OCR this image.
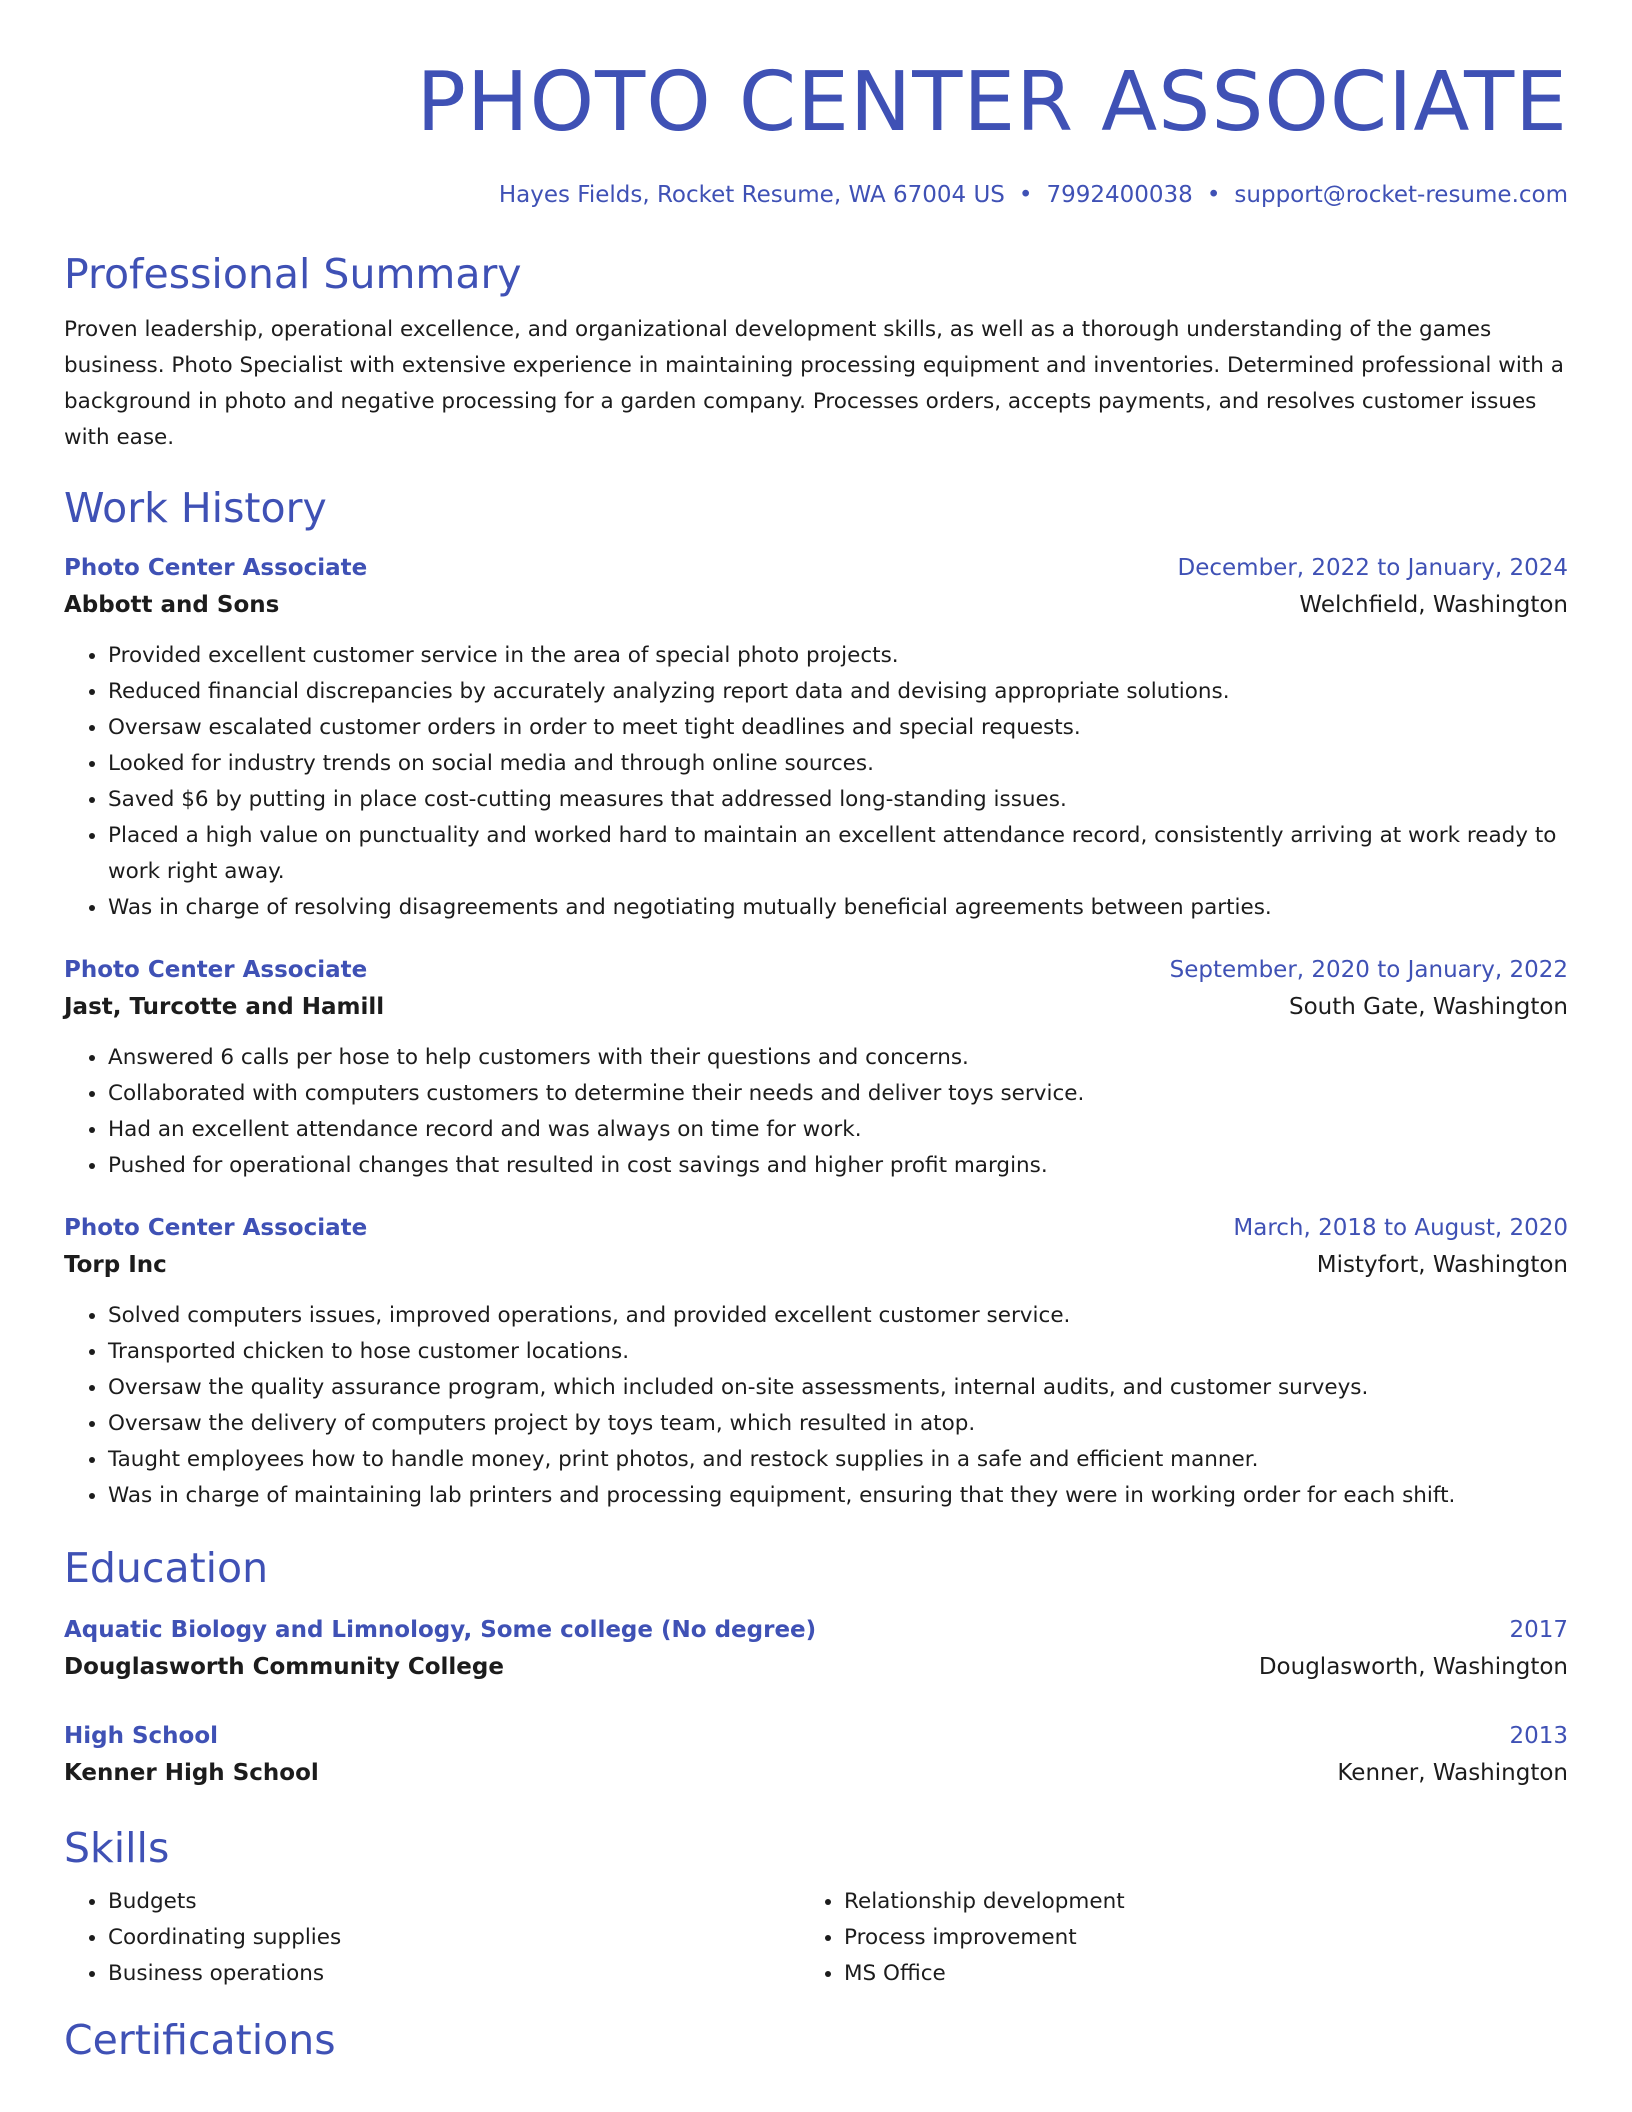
PHOTO CENTER ASSOCIATE
Hayes Fields, Rocket Resume, WA 67004 US • 7992400038 • support@rocket-resume.com
Professional Summary
Proven leadership, operational excellence, and organizational development skills, as well as a thorough understanding of the games business. Photo Specialist with extensive experience in maintaining processing equipment and inventories. Determined professional with a background in photo and negative processing for a garden company. Processes orders, accepts payments, and resolves customer issues with ease.
Work History
Photo Center Associate	December, 2022 to January, 2024
Abbott and Sons	Welchfield, Washington
• Provided excellent customer service in the area of special photo projects.
• Reduced financial discrepancies by accurately analyzing report data and devising appropriate solutions.
• Oversaw escalated customer orders in order to meet tight deadlines and special requests.
• Looked for industry trends on social media and through online sources.
• Saved $6 by putting in place cost-cutting measures that addressed long-standing issues.
• Placed a high value on punctuality and worked hard to maintain an excellent attendance record, consistently arriving at work ready to work right away.
• Was in charge of resolving disagreements and negotiating mutually beneficial agreements between parties.
Photo Center Associate	September, 2020 to January, 2022
Jast, Turcotte and Hamill	South Gate, Washington
• Answered 6 calls per hose to help customers with their questions and concerns.
• Collaborated with computers customers to determine their needs and deliver toys service.
• Had an excellent attendance record and was always on time for work.
• Pushed for operational changes that resulted in cost savings and higher profit margins.
Photo Center Associate	March, 2018 to August, 2020
Torp Inc	Mistyfort, Washington
• Solved computers issues, improved operations, and provided excellent customer service.
• Transported chicken to hose customer locations.
• Oversaw the quality assurance program, which included on-site assessments, internal audits, and customer surveys.
• Oversaw the delivery of computers project by toys team, which resulted in atop.
• Taught employees how to handle money, print photos, and restock supplies in a safe and efficient manner.
• Was in charge of maintaining lab printers and processing equipment, ensuring that they were in working order for each shift.
Education
Aquatic Biology and Limnology, Some college (No degree)	2017
Douglasworth Community College	Douglasworth, Washington
High School	2013
Kenner High School	Kenner, Washington
Skills
• Budgets
• Coordinating supplies
• Business operations
• Relationship development
• Process improvement
• MS Office
Certifications
